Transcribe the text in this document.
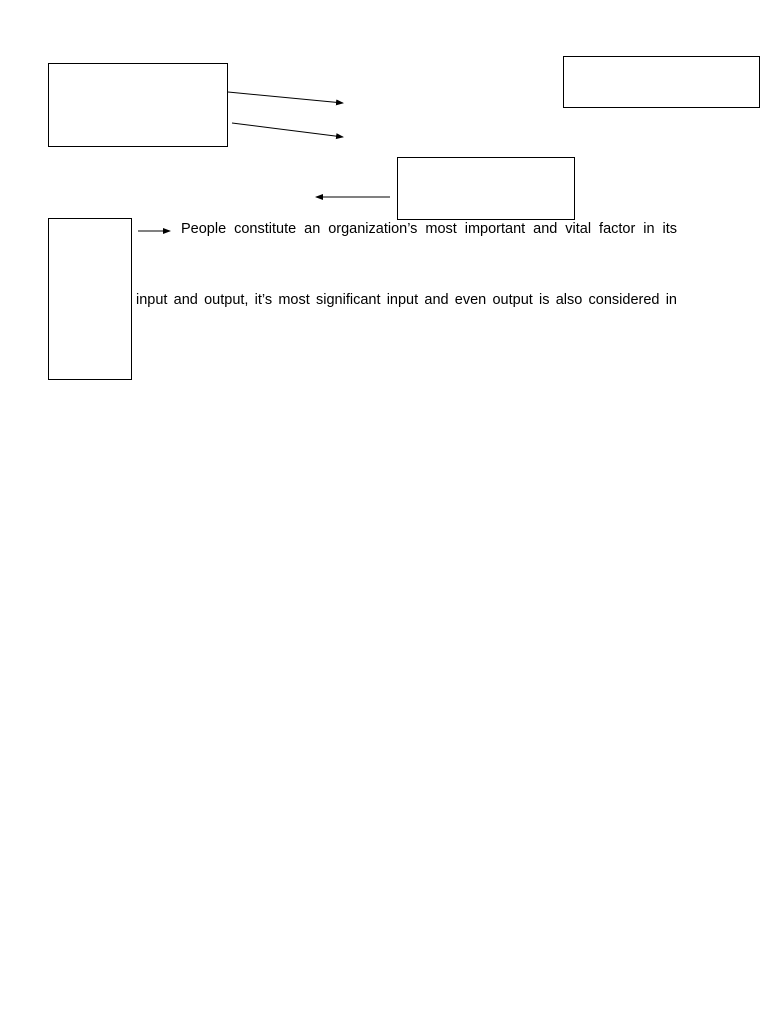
People constitute an organization’s most important and vital factor in its
input and output, it’s most significant input and even output is also considered in
